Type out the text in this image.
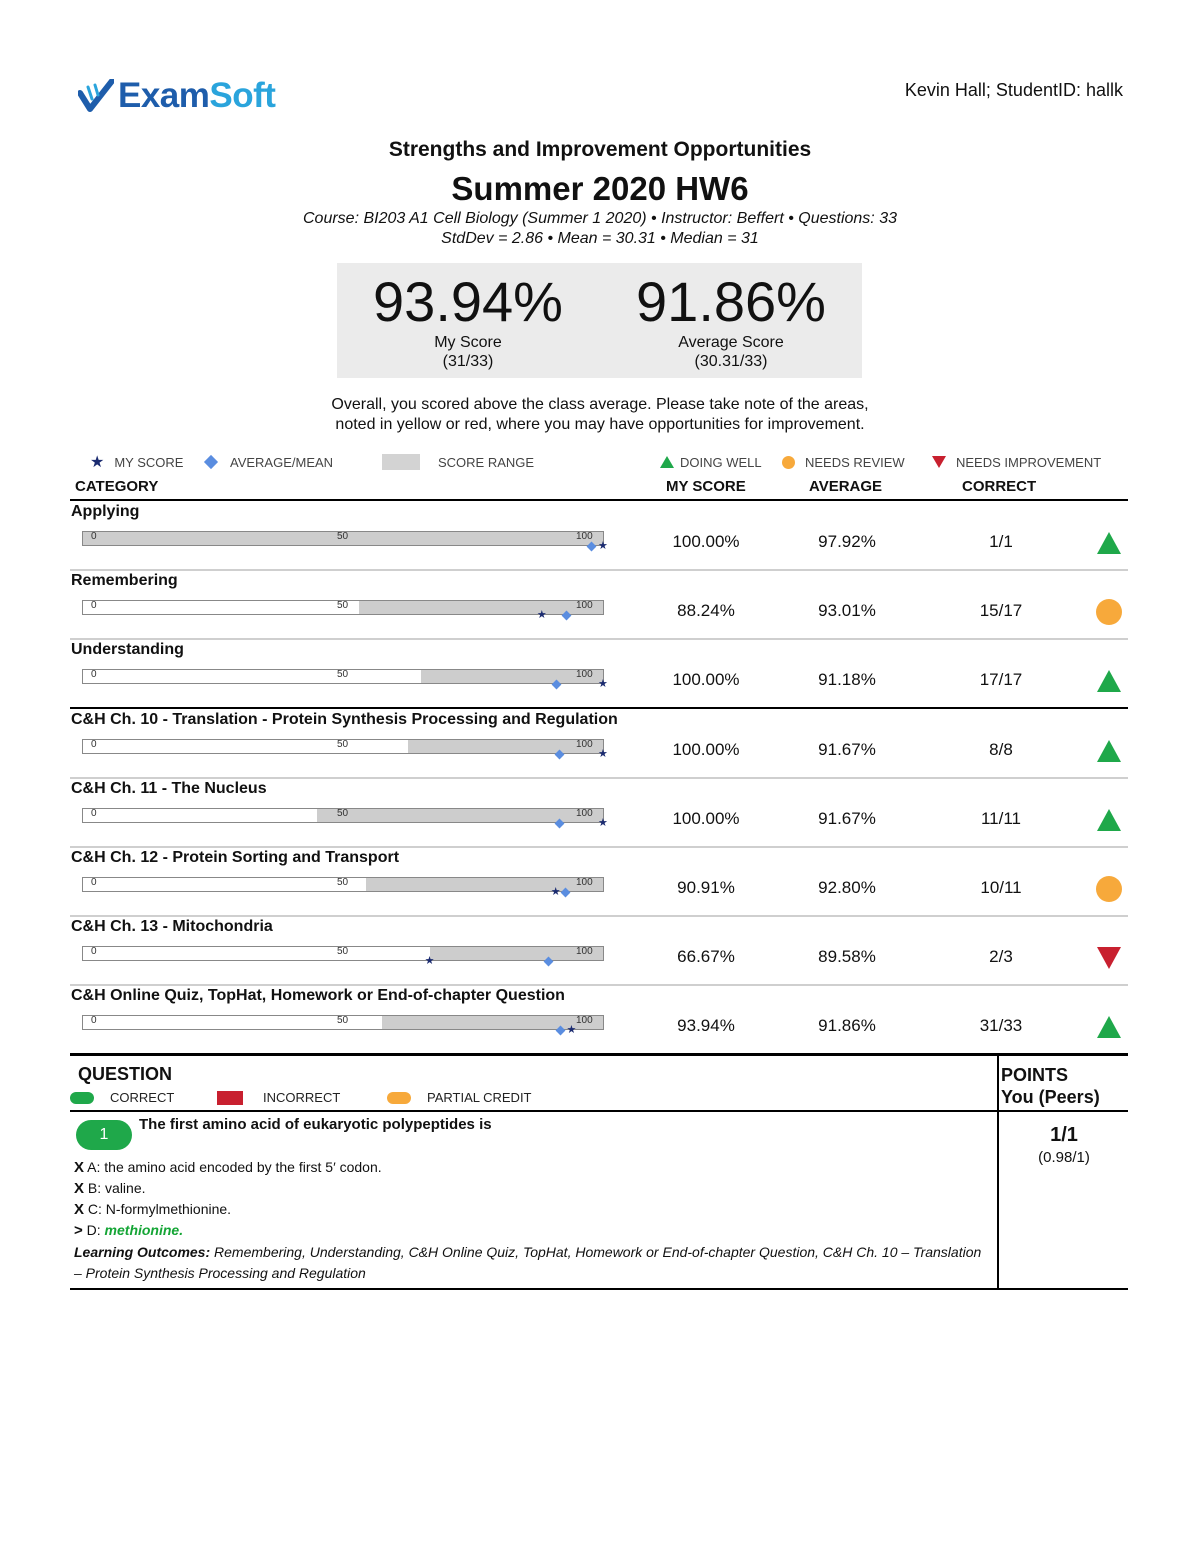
ExamSoft	Kevin Hall; StudentID: hallk
Strengths and Improvement Opportunities
Summer 2020 HW6
Course: BI203 A1 Cell Biology (Summer 1 2020) • Instructor: Beffert • Questions: 33
StdDev = 2.86 • Mean = 30.31 • Median = 31
93.94%
My Score
(31/33)
91.86%
Average Score
(30.31/33)
Overall, you scored above the class average. Please take note of the areas,
noted in yellow or red, where you may have opportunities for improvement.
★ MY SCORE	AVERAGE/MEAN	SCORE RANGE	DOING WELL	NEEDS REVIEW	NEEDS IMPROVEMENT
CATEGORY	MY SCORE	AVERAGE	CORRECT
Applying
0	50	100
★	100.00%	97.92%	1/1
Remembering
0	50	100
★	88.24%	93.01%	15/17
Understanding
0	50	100
★	100.00%	91.18%	17/17
C&H Ch. 10 - Translation - Protein Synthesis Processing and Regulation
0	50	100
★	100.00%	91.67%	8/8
C&H Ch. 11 - The Nucleus
0	50	100
★	100.00%	91.67%	11/11
C&H Ch. 12 - Protein Sorting and Transport
0	50	100
★	90.91%	92.80%	10/11
C&H Ch. 13 - Mitochondria
0	50	100
★	66.67%	89.58%	2/3
C&H Online Quiz, TopHat, Homework or End-of-chapter Question
0	50	100
★	93.94%	91.86%	31/33
QUESTION	POINTS
You (Peers)
CORRECT	INCORRECT	PARTIAL CREDIT
1
The first amino acid of eukaryotic polypeptides is
X A: the amino acid encoded by the first 5′ codon.
X B: valine.
X C: N-formylmethionine.
> D: methionine.
Learning Outcomes: Remembering, Understanding, C&H Online Quiz, TopHat, Homework or End-of-chapter Question, C&H Ch. 10 – Translation – Protein Synthesis Processing and Regulation
1/1
(0.98/1)
